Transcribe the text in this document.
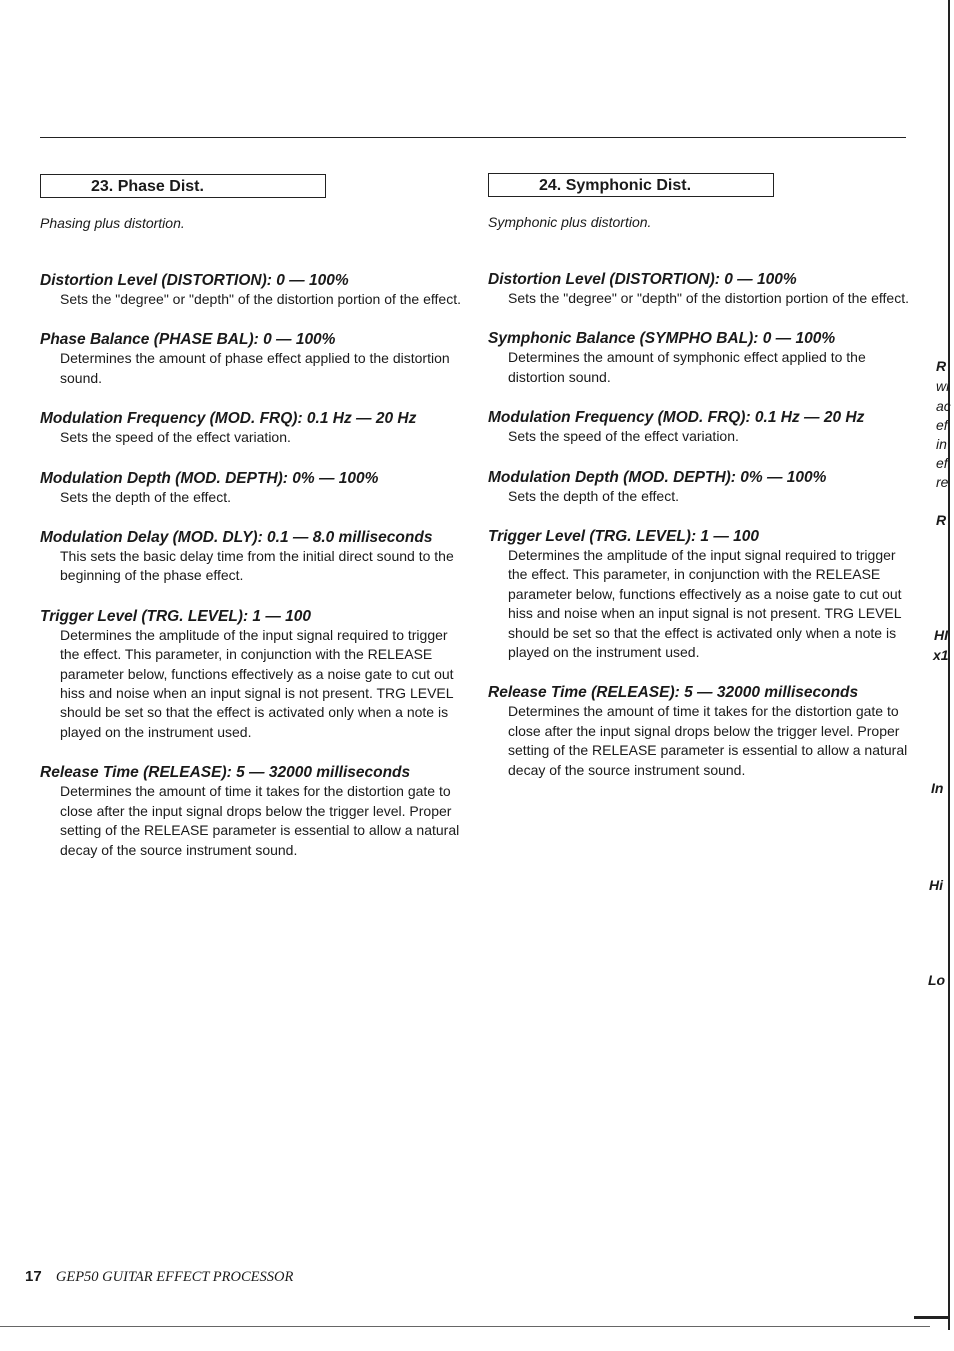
23. Phase Dist.

Phasing plus distortion.

Distortion Level (DISTORTION): 0 — 100%

Sets the "degree" or "depth" of the distortion portion of the effect.

Phase Balance (PHASE BAL): 0 — 100%

Determines the amount of phase effect applied to the distortion sound.

Modulation Frequency (MOD. FRQ): 0.1 Hz — 20 Hz

Sets the speed of the effect variation.

Modulation Depth (MOD. DEPTH): 0% — 100%

Sets the depth of the effect.

Modulation Delay (MOD. DLY): 0.1 — 8.0 milliseconds

This sets the basic delay time from the initial direct sound to the beginning of the phase effect.

Trigger Level (TRG. LEVEL): 1 — 100

Determines the amplitude of the input signal required to trigger the effect. This parameter, in conjunction with the RELEASE parameter below, functions effectively as a noise gate to cut out hiss and noise when an input signal is not present. TRG LEVEL should be set so that the effect is activated only when a note is played on the instrument used.

Release Time (RELEASE): 5 — 32000 milliseconds

Determines the amount of time it takes for the distortion gate to close after the input signal drops below the trigger level. Proper setting of the RELEASE parameter is essential to allow a natural decay of the source instrument sound.

24. Symphonic Dist.

Symphonic plus distortion.

Distortion Level (DISTORTION): 0 — 100%

Sets the "degree" or "depth" of the distortion portion of the effect.

Symphonic Balance (SYMPHO BAL): 0 — 100%

Determines the amount of symphonic effect applied to the distortion sound.

Modulation Frequency (MOD. FRQ): 0.1 Hz — 20 Hz

Sets the speed of the effect variation.

Modulation Depth (MOD. DEPTH): 0% — 100%

Sets the depth of the effect.

Trigger Level (TRG. LEVEL): 1 — 100

Determines the amplitude of the input signal required to trigger the effect. This parameter, in conjunction with the RELEASE parameter below, functions effectively as a noise gate to cut out hiss and noise when an input signal is not present. TRG LEVEL should be set so that the effect is activated only when a note is played on the instrument used.

Release Time (RELEASE): 5 — 32000 milliseconds

Determines the amount of time it takes for the distortion gate to close after the input signal drops below the trigger level. Proper setting of the RELEASE parameter is essential to allow a natural decay of the source instrument sound.

R
wi
ac
ef
in
ef
re
R
HI
x1
In
Hi
Lo
17 GEP50 GUITAR EFFECT PROCESSOR
